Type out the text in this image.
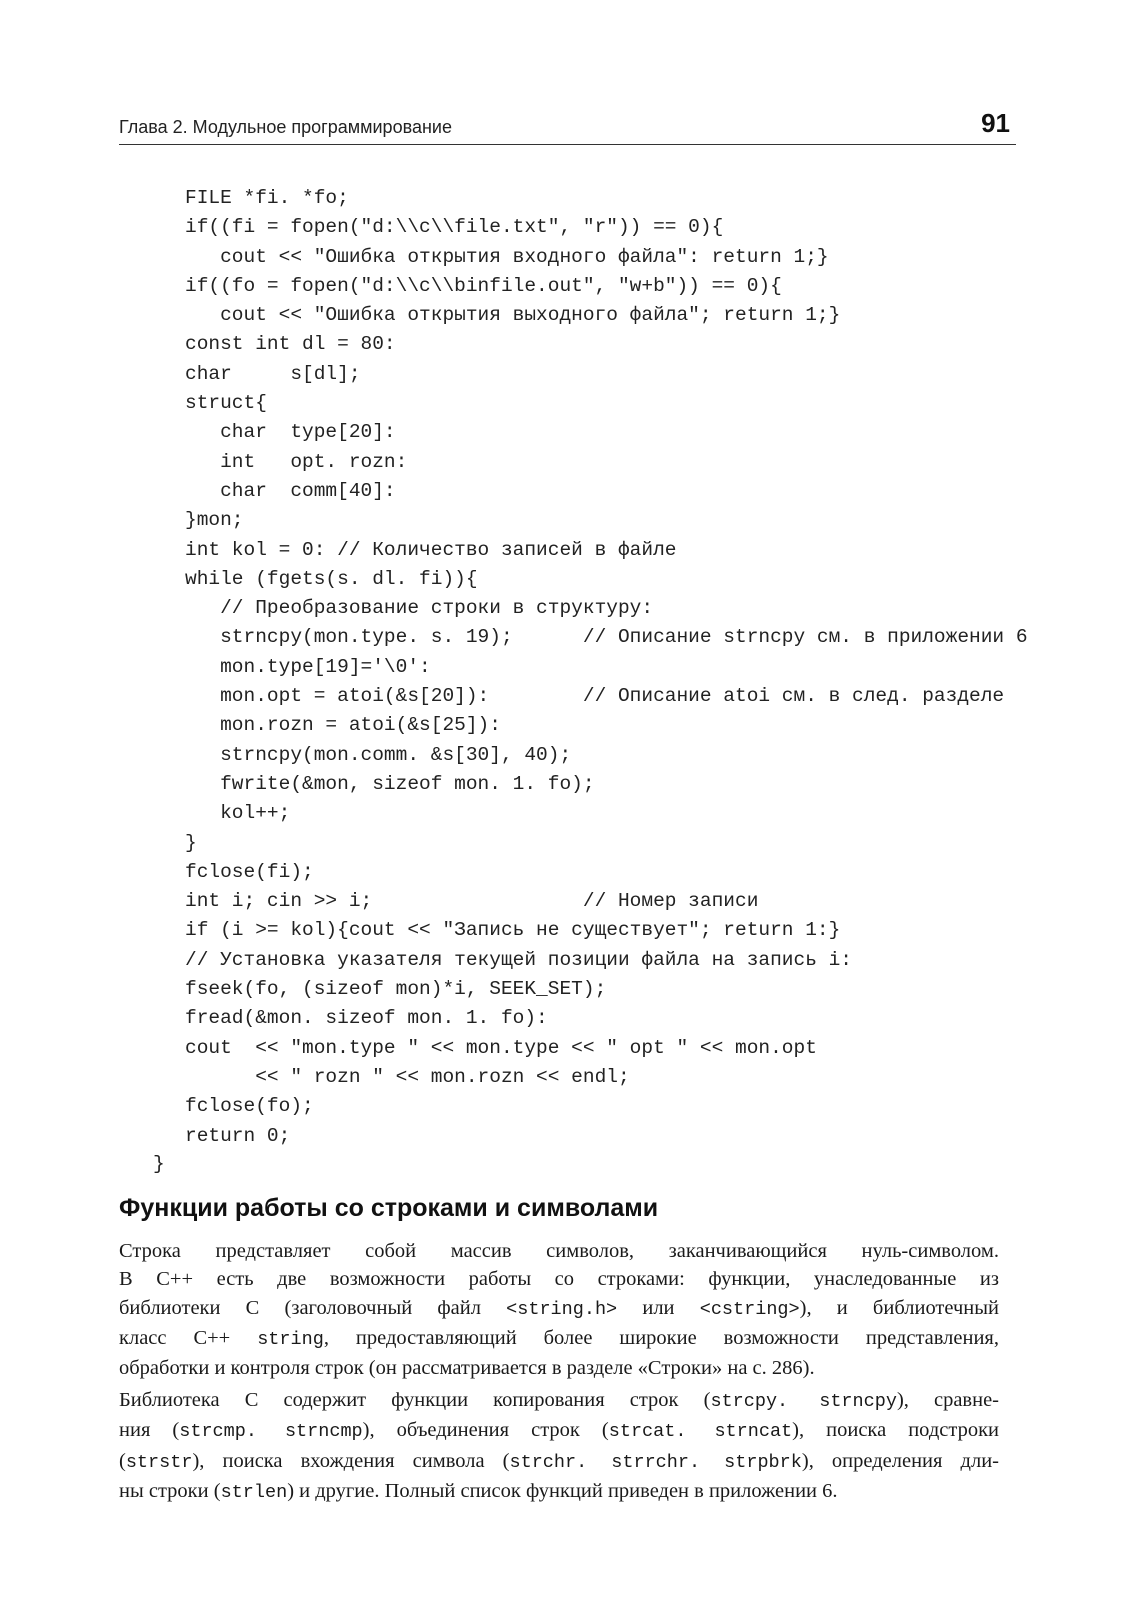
Глава 2. Модульное программирование	91
FILE *fi. *fo;
if((fi = fopen("d:\\c\\file.txt", "r")) == 0){
cout << "Ошибка открытия входного файла": return 1;}
if((fo = fopen("d:\\c\\binfile.out", "w+b")) == 0){
cout << "Ошибка открытия выходного файла"; return 1;}
const int dl = 80:
char     s[dl];
struct{
char  type[20]:
int   opt. rozn:
char  comm[40]:
}mon;
int kol = 0: // Количество записей в файле
while (fgets(s. dl. fi)){
// Преобразование строки в структуру:
strncpy(mon.type. s. 19);      // Описание strncpy см. в приложении 6
mon.type[19]='\0':
mon.opt = atoi(&s[20]):        // Описание atoi см. в след. разделе
mon.rozn = atoi(&s[25]):
strncpy(mon.comm. &s[30], 40);
fwrite(&mon, sizeof mon. 1. fo);
kol++;
}
fclose(fi);
int i; cin >> i;                  // Номер записи
if (i >= kol){cout << "Запись не существует"; return 1:}
// Установка указателя текущей позиции файла на запись i:
fseek(fo, (sizeof mon)*i, SEEK_SET);
fread(&mon. sizeof mon. 1. fo):
cout  << "mon.type " << mon.type << " opt " << mon.opt
<< " rozn " << mon.rozn << endl;
fclose(fo);
return 0;
}
Функции работы со строками и символами

Строка представляет собой массив символов, заканчивающийся нуль-символом.
В С++ есть две возможности работы со строками: функции, унаследованные из
библиотеки С (заголовочный файл <string.h> или <cstring>), и библиотечный
класс С++ string, предоставляющий более широкие возможности представления,
обработки и контроля строк (он рассматривается в разделе «Строки» на с. 286).

Библиотека С содержит функции копирования строк (strcpy. strncpy), сравне-
ния (strcmp. strncmp), объединения строк (strcat. strncat), поиска подстроки
(strstr), поиска вхождения символа (strchr. strrchr. strpbrk), определения дли-
ны строки (strlen) и другие. Полный список функций приведен в приложении 6.
